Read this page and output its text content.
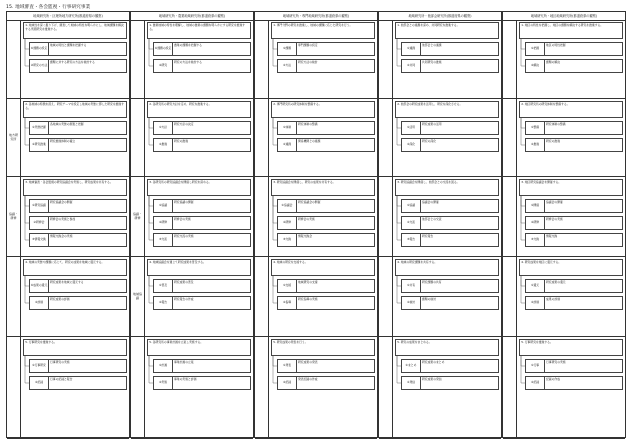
15. 地域審査・各会監視・行事研究事業
地域研究所・区理所地方研究所(都道府県の観察)
1. 地域性を深く掘り下げ、調査して地域の特性を明らかにし、地域課題を解決する実践研究を推進する。
①課題の設定
地域の特性と課題を把握する
②研究の方法
課題に対する研究の方法を検討する
地方研究所
2. 各地域の特徴を捉え、研究テーマを設定し地域の実態に即した研究を推進する。
①実態把握
各地域の実態の調査と把握
②研究推進
研究推進体制の確立
協議・研修
3. 地域審査・各会監視の研究協議会を実施し、研究成果を共有する。
①研究協議
研究協議会の開催
②研修会
研修会の実施と参加
③情報交換
情報交換会の実施
4. 地域の実態や課題に応じて、研究の成果を地域に還元する。
①成果の還元
研究成果を地域に還元する
②評価
研究成果の評価
5. 行事研究を推進する。
①行事研究
行事研究の実施
②記録
行事の記録と報告
地域研究所・農業地域研究所(都道府県の観察)
1. 農業地域の特性を理解し、地域の農業の課題を明らかにする研究を推進する。
①課題の設定
農業の課題を把握する
②研究
研究の方法を検討する
2. 各研究所の研究方針を定め、研究を推進する。
①方針
研究方針の決定
②推進
研究の推進
協議・研修
3. 各研究所の研究協議会を開催し研究を深める。
①協議
研究協議の開催
②研修
研修会の実施
③交流
研究交流の実施
地域協議
4. 地域協議会を通じて研究成果を普及する。
①普及
研究成果の普及
②報告
研究報告の作成
5. 各研究所の事業計画を立案し実施する。
①計画
事業計画の立案
②実施
事業の実施と評価
地域研究所・専門地域研究所(都道府県の観察)
1. 専門分野の研究を推進し、地域の課題に応じた研究を行う。
①課題
専門課題の設定
②方法
研究方法の検討
2. 専門研究所の研究体制を整備する。
①体制
研究体制の整備
②連携
関係機関との連携
3. 研究協議会を開催し、研究の成果を共有する。
①協議会
研究協議会の開催
②研修
研修会の実施
③交換
情報交換会
4. 地域の研究を支援する。
①支援
地域研究の支援
②指導
研究指導の実施
5. 研究成果の発表を行う。
①発表
研究成果の発表
②記録
発表記録の作成
地域研究所・他部会研究所(都道府県の観察)
1. 他部会との連携を深め、共同研究を推進する。
①連携
他部会との連携
②共同
共同研究の推進
2. 他部会の研究成果を活用し、研究を深化させる。
①活用
研究成果の活用
②深化
研究の深化
3. 研究協議会を開催し、他部会との交流を図る。
①協議
協議会の開催
②交流
他部会との交流
③報告
研究報告
4. 地域の研究課題を共有する。
①共有
研究課題の共有
②検討
課題の検討
5. 研究の成果をまとめる。
①まとめ
研究成果のまとめ
②発信
研究成果の発信
地域研究所・地区地域研究所(都道府県の観察)
1. 地区の特性を把握し、地区の課題を解決する研究を推進する。
①把握
地区の特性把握
②解決
課題の解決
2. 地区研究所の研究体制を整備する。
①整備
研究体制の整備
②推進
研究の推進
3. 地区研究協議会を開催する。
①開催
協議会の開催
②研修
研修会の実施
③交換
情報交換
4. 研究成果を地区に還元する。
①還元
研究成果の還元
②評価
成果の評価
5. 行事研究を推進する。
①行事
行事研究の実施
②記録
記録の作成
